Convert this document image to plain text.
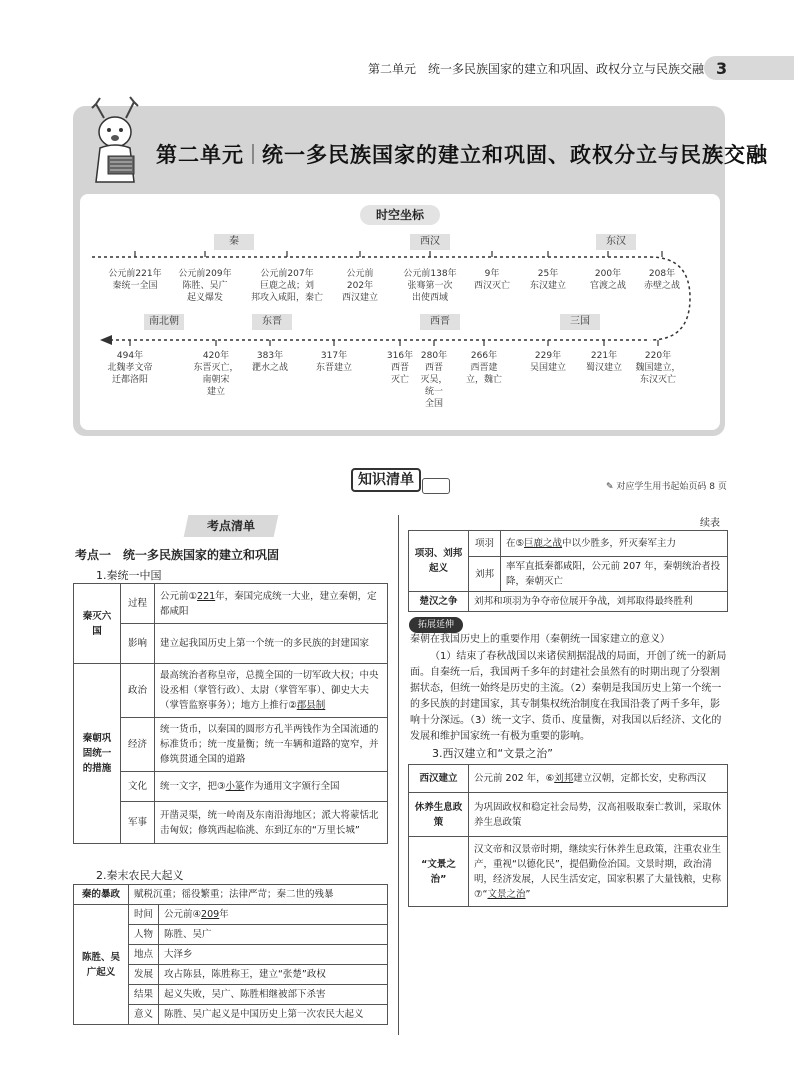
第二单元　统一多民族国家的建立和巩固、政权分立与民族交融 3
第二单元 统一多民族国家的建立和巩固、政权分立与民族交融
时空坐标
秦	西汉	东汉
南北朝	东晋	西晋	三国
公元前221年
秦统一全国
公元前209年
陈胜、吴广
起义爆发
公元前207年
巨鹿之战；刘
邦攻入咸阳，秦亡
公元前
202年
西汉建立
公元前138年
张骞第一次
出使西域
9年
西汉灭亡
25年
东汉建立
200年
官渡之战
208年
赤壁之战
494年
北魏孝文帝
迁都洛阳
420年
东晋灭亡，
南朝宋
建立
383年
淝水之战
317年
东晋建立
316年
西晋
灭亡
280年
西晋
灭吴，
统一
全国
266年
西晋建
立，魏亡
229年
吴国建立
221年
蜀汉建立
220年
魏国建立，
东汉灭亡
知识清单	✎ 对应学生用书起始页码 8 页
考点清单	续表
考点一　统一多民族国家的建立和巩固
1.秦统一中国
秦灭六国	过程	公元前①221年，秦国完成统一大业，建立秦朝，定都咸阳
	影响	建立起我国历史上第一个统一的多民族的封建国家
秦朝巩固统一的措施	政治	最高统治者称皇帝，总揽全国的一切军政大权；中央设丞相（掌管行政）、太尉（掌管军事）、御史大夫（掌管监察事务）；地方上推行②郡县制
	经济	统一货币，以秦国的圆形方孔半两钱作为全国流通的标准货币；统一度量衡；统一车辆和道路的宽窄，并修筑贯通全国的道路
	文化	统一文字，把③小篆作为通用文字颁行全国
	军事	开凿灵渠，统一岭南及东南沿海地区；派大将蒙恬北击匈奴；修筑西起临洮、东到辽东的“万里长城”
2.秦末农民大起义
秦的暴政	赋税沉重；徭役繁重；法律严苛；秦二世的残暴	
陈胜、吴广起义	时间	公元前④209年
	人物	陈胜、吴广
	地点	大泽乡
	发展	攻占陈县，陈胜称王，建立“张楚”政权
	结果	起义失败，吴广、陈胜相继被部下杀害
	意义	陈胜、吴广起义是中国历史上第一次农民大起义
项羽、刘邦起义	项羽	在⑤巨鹿之战中以少胜多，歼灭秦军主力
	刘邦	率军直抵秦都咸阳，公元前 207 年，秦朝统治者投降，秦朝灭亡
楚汉之争	刘邦和项羽为争夺帝位展开争战，刘邦取得最终胜利	
拓展延伸
秦朝在我国历史上的重要作用（秦朝统一国家建立的意义）
（1）结束了春秋战国以来诸侯割据混战的局面，开创了统一的新局面。自秦统一后，我国两千多年的封建社会虽然有的时期出现了分裂割据状态，但统一始终是历史的主流。（2）秦朝是我国历史上第一个统一的多民族的封建国家，其专制集权统治制度在我国沿袭了两千多年，影响十分深远。（3）统一文字、货币、度量衡，对我国以后经济、文化的发展和维护国家统一有极为重要的影响。
3.西汉建立和“文景之治”
西汉建立	公元前 202 年，⑥刘邦建立汉朝，定都长安，史称西汉
休养生息政策	为巩固政权和稳定社会局势，汉高祖吸取秦亡教训，采取休养生息政策
“文景之治”	汉文帝和汉景帝时期，继续实行休养生息政策，注重农业生产，重视“以德化民”，提倡勤俭治国。文景时期，政治清明，经济发展，人民生活安定，国家积累了大量钱粮，史称⑦“文景之治”
